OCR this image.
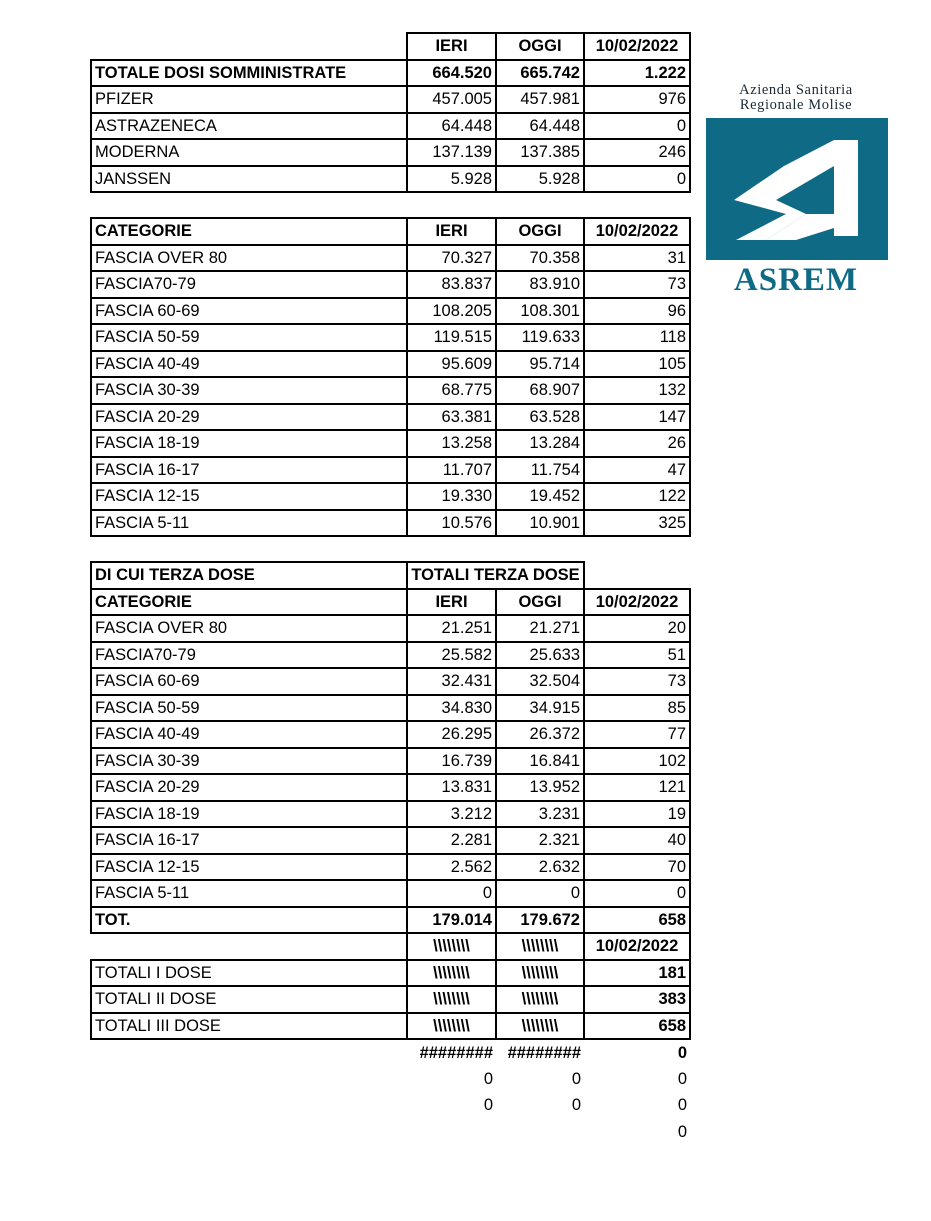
	IERI	OGGI	10/02/2022
TOTALE DOSI SOMMINISTRATE	664.520	665.742	1.222
PFIZER	457.005	457.981	976
ASTRAZENECA	64.448	64.448	0
MODERNA	137.139	137.385	246
JANSSEN	5.928	5.928	0
CATEGORIE	IERI	OGGI	10/02/2022
FASCIA OVER 80	70.327	70.358	31
FASCIA70-79	83.837	83.910	73
FASCIA 60-69	108.205	108.301	96
FASCIA 50-59	119.515	119.633	118
FASCIA 40-49	95.609	95.714	105
FASCIA 30-39	68.775	68.907	132
FASCIA 20-29	63.381	63.528	147
FASCIA 18-19	13.258	13.284	26
FASCIA 16-17	11.707	11.754	47
FASCIA 12-15	19.330	19.452	122
FASCIA 5-11	10.576	10.901	325
DI CUI TERZA DOSE	TOTALI TERZA DOSE		
CATEGORIE	IERI	OGGI	10/02/2022
FASCIA OVER 80	21.251	21.271	20
FASCIA70-79	25.582	25.633	51
FASCIA 60-69	32.431	32.504	73
FASCIA 50-59	34.830	34.915	85
FASCIA 40-49	26.295	26.372	77
FASCIA 30-39	16.739	16.841	102
FASCIA 20-29	13.831	13.952	121
FASCIA 18-19	3.212	3.231	19
FASCIA 16-17	2.281	2.321	40
FASCIA 12-15	2.562	2.632	70
FASCIA 5-11	0	0	0
TOT.	179.014	179.672	658
	\\\\\\\\	\\\\\\\\	10/02/2022
TOTALI I DOSE	\\\\\\\\	\\\\\\\\	181
TOTALI II DOSE	\\\\\\\\	\\\\\\\\	383
TOTALI III DOSE	\\\\\\\\	\\\\\\\\	658
	########	########	0
	0	0	0
	0	0	0
			0
Azienda Sanitaria
Regionale Molise
ASREM
